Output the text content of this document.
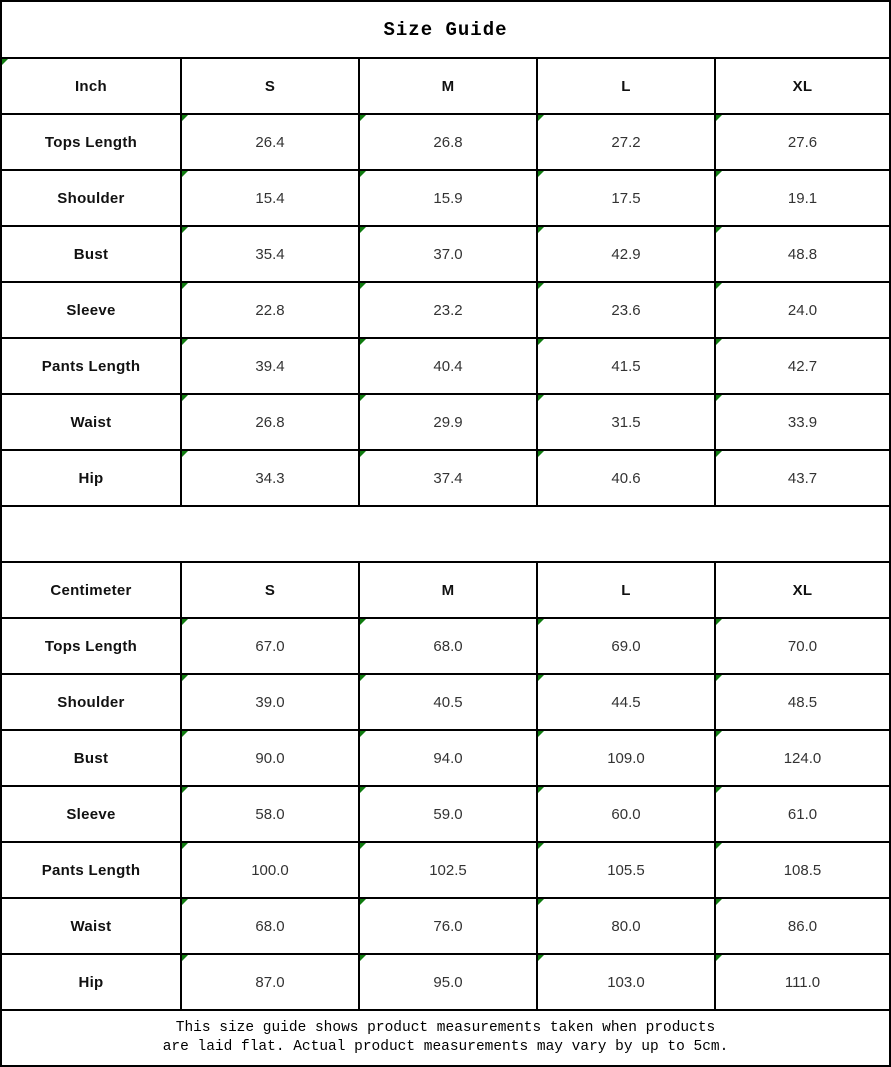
Size Guide
Inch	S	M	L	XL
Tops Length	26.4	26.8	27.2	27.6
Shoulder	15.4	15.9	17.5	19.1
Bust	35.4	37.0	42.9	48.8
Sleeve	22.8	23.2	23.6	24.0
Pants Length	39.4	40.4	41.5	42.7
Waist	26.8	29.9	31.5	33.9
Hip	34.3	37.4	40.6	43.7
Centimeter	S	M	L	XL
Tops Length	67.0	68.0	69.0	70.0
Shoulder	39.0	40.5	44.5	48.5
Bust	90.0	94.0	109.0	124.0
Sleeve	58.0	59.0	60.0	61.0
Pants Length	100.0	102.5	105.5	108.5
Waist	68.0	76.0	80.0	86.0
Hip	87.0	95.0	103.0	111.0
This size guide shows product measurements taken when products
are laid flat. Actual product measurements may vary by up to 5cm.
